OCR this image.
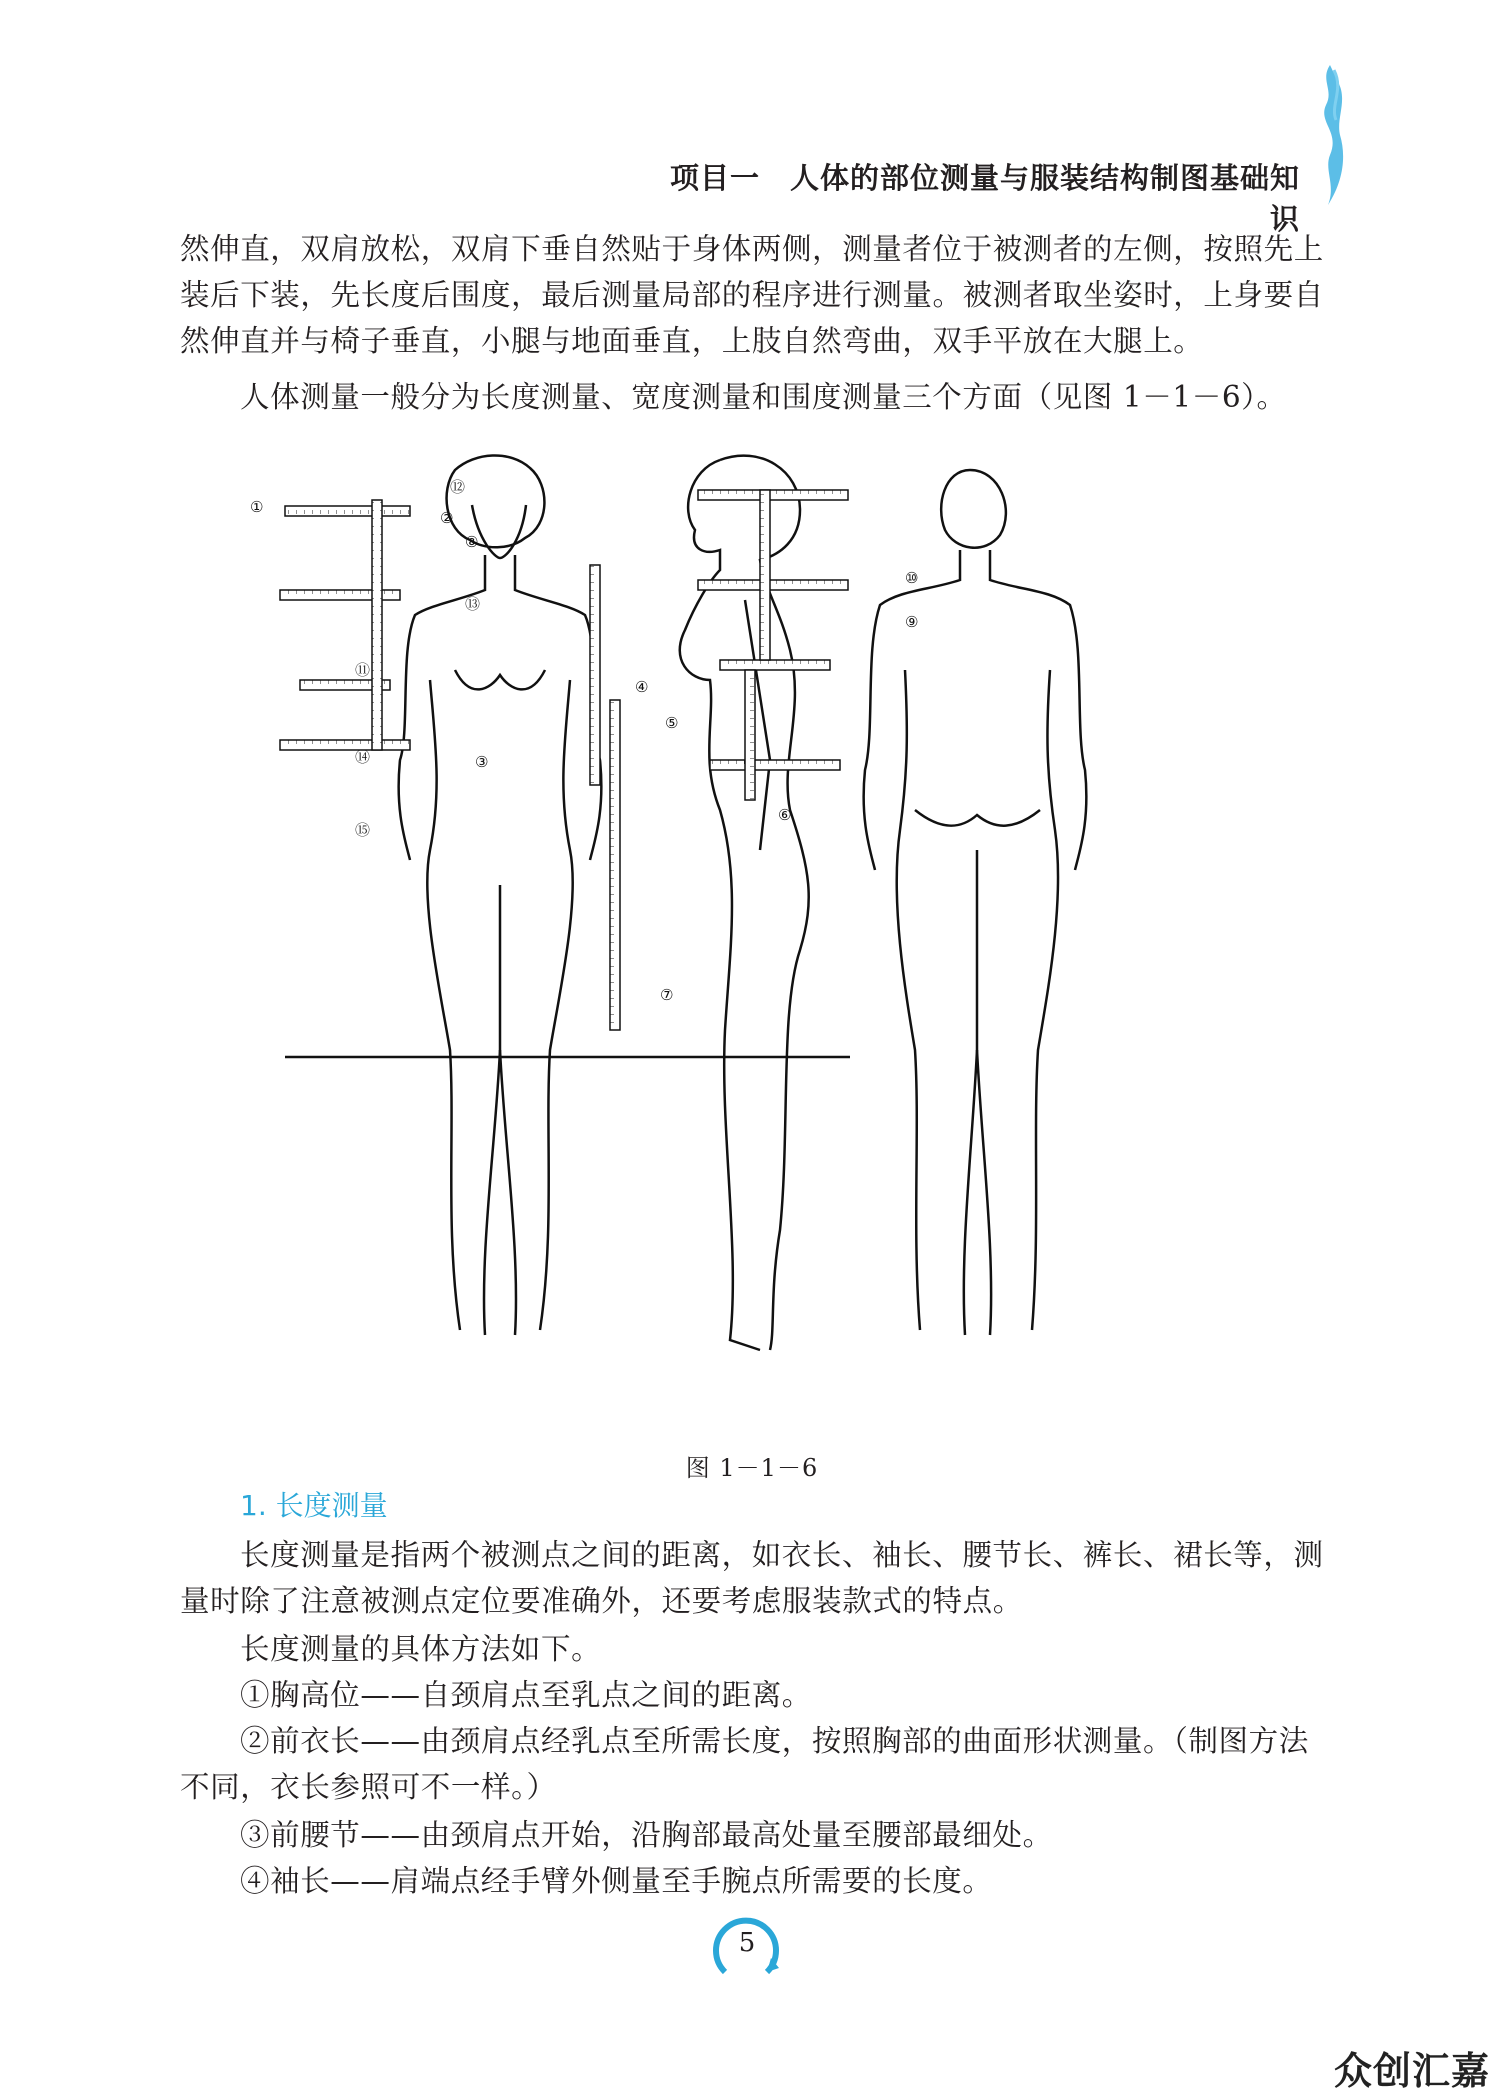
项目一　人体的部位测量与服装结构制图基础知识

然伸直，双肩放松，双肩下垂自然贴于身体两侧，测量者位于被测者的左侧，按照先上装后下装，先长度后围度，最后测量局部的程序进行测量。被测者取坐姿时，上身要自然伸直并与椅子垂直，小腿与地面垂直，上肢自然弯曲，双手平放在大腿上。

人体测量一般分为长度测量、宽度测量和围度测量三个方面（见图 1－1－6）。

①
②
③
④
⑤
⑥
⑦
⑧
⑨
⑩
⑪
⑫
⑬
⑭
⑮
图 1－1－6
1. 长度测量

长度测量是指两个被测点之间的距离，如衣长、袖长、腰节长、裤长、裙长等，测量时除了注意被测点定位要准确外，还要考虑服装款式的特点。

长度测量的具体方法如下。

①胸高位——自颈肩点至乳点之间的距离。

②前衣长——由颈肩点经乳点至所需长度，按照胸部的曲面形状测量。（制图方法不同，衣长参照可不一样。）

③前腰节——由颈肩点开始，沿胸部最高处量至腰部最细处。

④袖长——肩端点经手臂外侧量至手腕点所需要的长度。

5
众创汇嘉
